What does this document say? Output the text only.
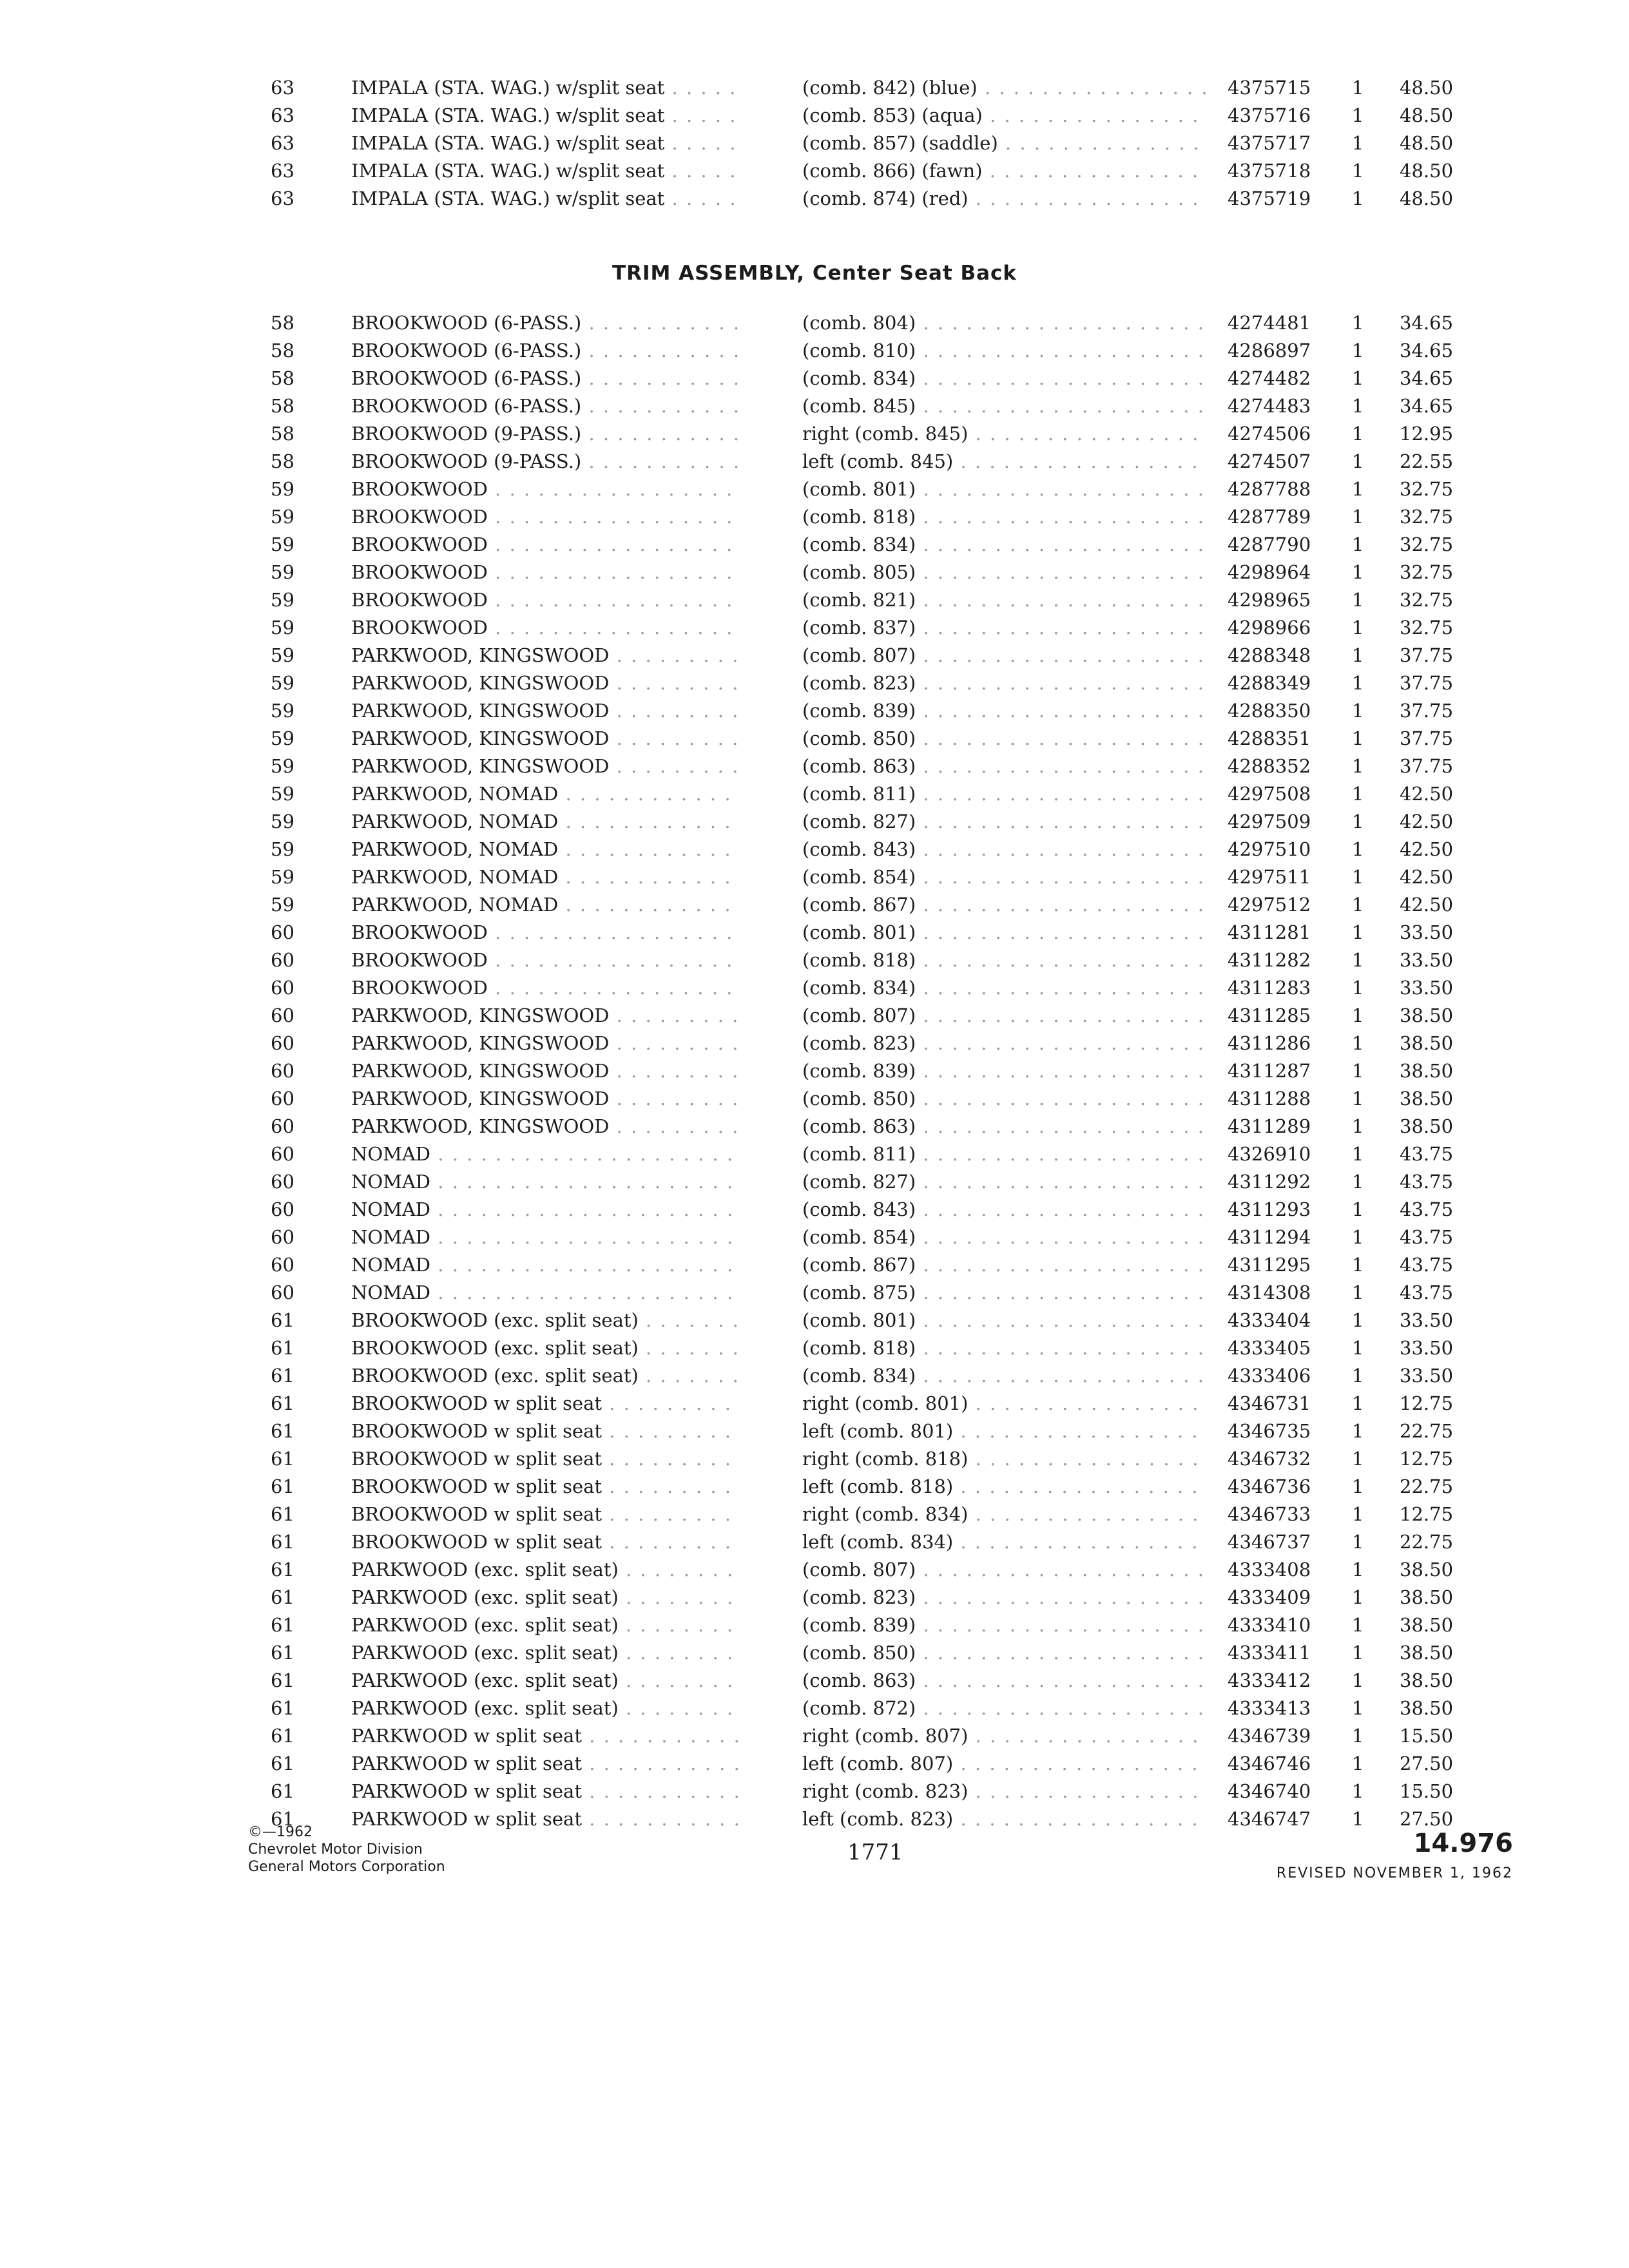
63	IMPALA (STA. WAG.) w/split seat . . .	(comb. 842) (blue) . . .	4375715 1 48.50
63	IMPALA (STA. WAG.) w/split seat . . .	(comb. 853) (aqua) . . .	4375716 1 48.50
63	IMPALA (STA. WAG.) w/split seat . . .	(comb. 857) (saddle) . . .	4375717 1 48.50
63	IMPALA (STA. WAG.) w/split seat . . .	(comb. 866) (fawn) . . .	4375718 1 48.50
63	IMPALA (STA. WAG.) w/split seat . . .	(comb. 874) (red) . . .	4375719 1 48.50
TRIM ASSEMBLY, Center Seat Back
58	BROOKWOOD (6-PASS.) . . .	(comb. 804) . . .	4274481 1 34.65
58	BROOKWOOD (6-PASS.) . . .	(comb. 810) . . .	4286897 1 34.65
58	BROOKWOOD (6-PASS.) . . .	(comb. 834) . . .	4274482 1 34.65
58	BROOKWOOD (6-PASS.) . . .	(comb. 845) . . .	4274483 1 34.65
58	BROOKWOOD (9-PASS.) . . .	right (comb. 845) . . .	4274506 1 12.95
58	BROOKWOOD (9-PASS.) . . .	left (comb. 845) . . .	4274507 1 22.55
59	BROOKWOOD . . .	(comb. 801) . . .	4287788 1 32.75
59	BROOKWOOD . . .	(comb. 818) . . .	4287789 1 32.75
59	BROOKWOOD . . .	(comb. 834) . . .	4287790 1 32.75
59	BROOKWOOD . . .	(comb. 805) . . .	4298964 1 32.75
59	BROOKWOOD . . .	(comb. 821) . . .	4298965 1 32.75
59	BROOKWOOD . . .	(comb. 837) . . .	4298966 1 32.75
59	PARKWOOD, KINGSWOOD . . .	(comb. 807) . . .	4288348 1 37.75
59	PARKWOOD, KINGSWOOD . . .	(comb. 823) . . .	4288349 1 37.75
59	PARKWOOD, KINGSWOOD . . .	(comb. 839) . . .	4288350 1 37.75
59	PARKWOOD, KINGSWOOD . . .	(comb. 850) . . .	4288351 1 37.75
59	PARKWOOD, KINGSWOOD . . .	(comb. 863) . . .	4288352 1 37.75
59	PARKWOOD, NOMAD . . .	(comb. 811) . . .	4297508 1 42.50
59	PARKWOOD, NOMAD . . .	(comb. 827) . . .	4297509 1 42.50
59	PARKWOOD, NOMAD . . .	(comb. 843) . . .	4297510 1 42.50
59	PARKWOOD, NOMAD . . .	(comb. 854) . . .	4297511 1 42.50
59	PARKWOOD, NOMAD . . .	(comb. 867) . . .	4297512 1 42.50
60	BROOKWOOD . . .	(comb. 801) . . .	4311281 1 33.50
60	BROOKWOOD . . .	(comb. 818) . . .	4311282 1 33.50
60	BROOKWOOD . . .	(comb. 834) . . .	4311283 1 33.50
60	PARKWOOD, KINGSWOOD . . .	(comb. 807) . . .	4311285 1 38.50
60	PARKWOOD, KINGSWOOD . . .	(comb. 823) . . .	4311286 1 38.50
60	PARKWOOD, KINGSWOOD . . .	(comb. 839) . . .	4311287 1 38.50
60	PARKWOOD, KINGSWOOD . . .	(comb. 850) . . .	4311288 1 38.50
60	PARKWOOD, KINGSWOOD . . .	(comb. 863) . . .	4311289 1 38.50
60	NOMAD . . .	(comb. 811) . . .	4326910 1 43.75
60	NOMAD . . .	(comb. 827) . . .	4311292 1 43.75
60	NOMAD . . .	(comb. 843) . . .	4311293 1 43.75
60	NOMAD . . .	(comb. 854) . . .	4311294 1 43.75
60	NOMAD . . .	(comb. 867) . . .	4311295 1 43.75
60	NOMAD . . .	(comb. 875) . . .	4314308 1 43.75
61	BROOKWOOD (exc. split seat) . . .	(comb. 801) . . .	4333404 1 33.50
61	BROOKWOOD (exc. split seat) . . .	(comb. 818) . . .	4333405 1 33.50
61	BROOKWOOD (exc. split seat) . . .	(comb. 834) . . .	4333406 1 33.50
61	BROOKWOOD w split seat . . .	right (comb. 801) . . .	4346731 1 12.75
61	BROOKWOOD w split seat . . .	left (comb. 801) . . .	4346735 1 22.75
61	BROOKWOOD w split seat . . .	right (comb. 818) . . .	4346732 1 12.75
61	BROOKWOOD w split seat . . .	left (comb. 818) . . .	4346736 1 22.75
61	BROOKWOOD w split seat . . .	right (comb. 834) . . .	4346733 1 12.75
61	BROOKWOOD w split seat . . .	left (comb. 834) . . .	4346737 1 22.75
61	PARKWOOD (exc. split seat) . . .	(comb. 807) . . .	4333408 1 38.50
61	PARKWOOD (exc. split seat) . . .	(comb. 823) . . .	4333409 1 38.50
61	PARKWOOD (exc. split seat) . . .	(comb. 839) . . .	4333410 1 38.50
61	PARKWOOD (exc. split seat) . . .	(comb. 850) . . .	4333411 1 38.50
61	PARKWOOD (exc. split seat) . . .	(comb. 863) . . .	4333412 1 38.50
61	PARKWOOD (exc. split seat) . . .	(comb. 872) . . .	4333413 1 38.50
61	PARKWOOD w split seat . . .	right (comb. 807) . . .	4346739 1 15.50
61	PARKWOOD w split seat . . .	left (comb. 807) . . .	4346746 1 27.50
61	PARKWOOD w split seat . . .	right (comb. 823) . . .	4346740 1 15.50
61	PARKWOOD w split seat . . .	left (comb. 823) . . .	4346747 1 27.50
©—1962
Chevrolet Motor Division
General Motors Corporation
1771	14.976
REVISED NOVEMBER 1, 1962
